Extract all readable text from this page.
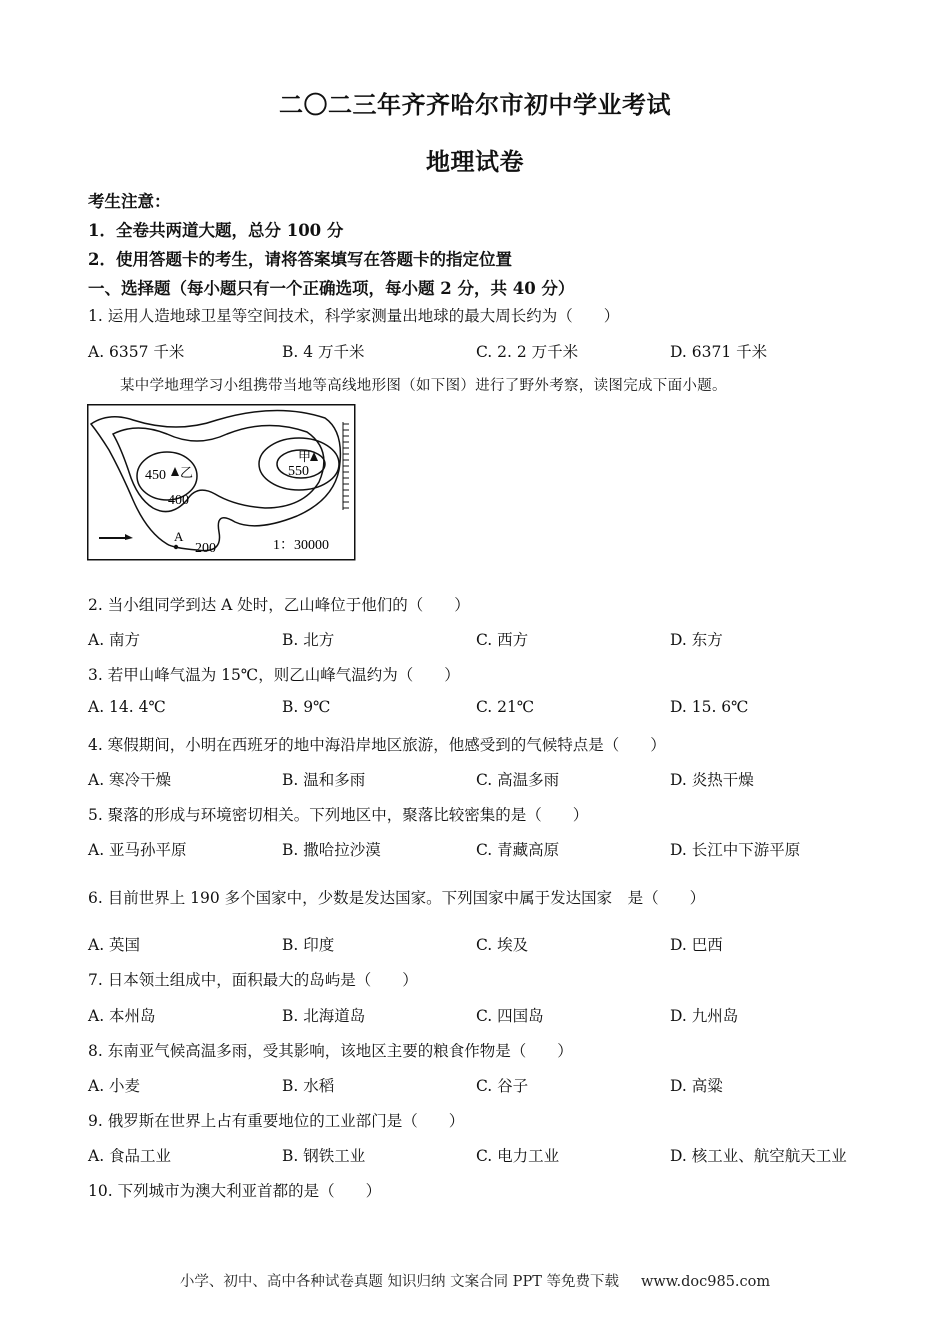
二〇二三年齐齐哈尔市初中学业考试
地理试卷
考生注意：
1．全卷共两道大题，总分 100 分
2．使用答题卡的考生，请将答案填写在答题卡的指定位置
一、选择题（每小题只有一个正确选项，每小题 2 分，共 40 分）
1. 运用人造地球卫星等空间技术，科学家测量出地球的最大周长约为（　　）
A. 6357 千米	B. 4 万千米	C. 2. 2 万千米	D. 6371 千米
某中学地理学习小组携带当地等高线地形图（如下图）进行了野外考察，读图完成下面小题。
450 乙
甲
550
400
A
200	1：30000
2. 当小组同学到达 A 处时，乙山峰位于他们的（　　）
A. 南方	B. 北方	C. 西方	D. 东方
3. 若甲山峰气温为 15℃，则乙山峰气温约为（　　）
A. 14. 4℃	B. 9℃	C. 21℃	D. 15. 6℃
4. 寒假期间，小明在西班牙的地中海沿岸地区旅游，他感受到的气候特点是（　　）
A. 寒冷干燥	B. 温和多雨	C. 高温多雨	D. 炎热干燥
5. 聚落的形成与环境密切相关。下列地区中，聚落比较密集的是（　　）
A. 亚马孙平原	B. 撒哈拉沙漠	C. 青藏高原	D. 长江中下游平原
6. 目前世界上 190 多个国家中，少数是发达国家。下列国家中属于发达国家　是（　　）
A. 英国	B. 印度	C. 埃及	D. 巴西
7. 日本领土组成中，面积最大的岛屿是（　　）
A. 本州岛	B. 北海道岛	C. 四国岛	D. 九州岛
8. 东南亚气候高温多雨，受其影响，该地区主要的粮食作物是（　　）
A. 小麦	B. 水稻	C. 谷子	D. 高粱
9. 俄罗斯在世界上占有重要地位的工业部门是（　　）
A. 食品工业	B. 钢铁工业	C. 电力工业	D. 核工业、航空航天工业
10. 下列城市为澳大利亚首都的是（　　）
小学、初中、高中各种试卷真题 知识归纳 文案合同 PPT 等免费下载 www.doc985.com
